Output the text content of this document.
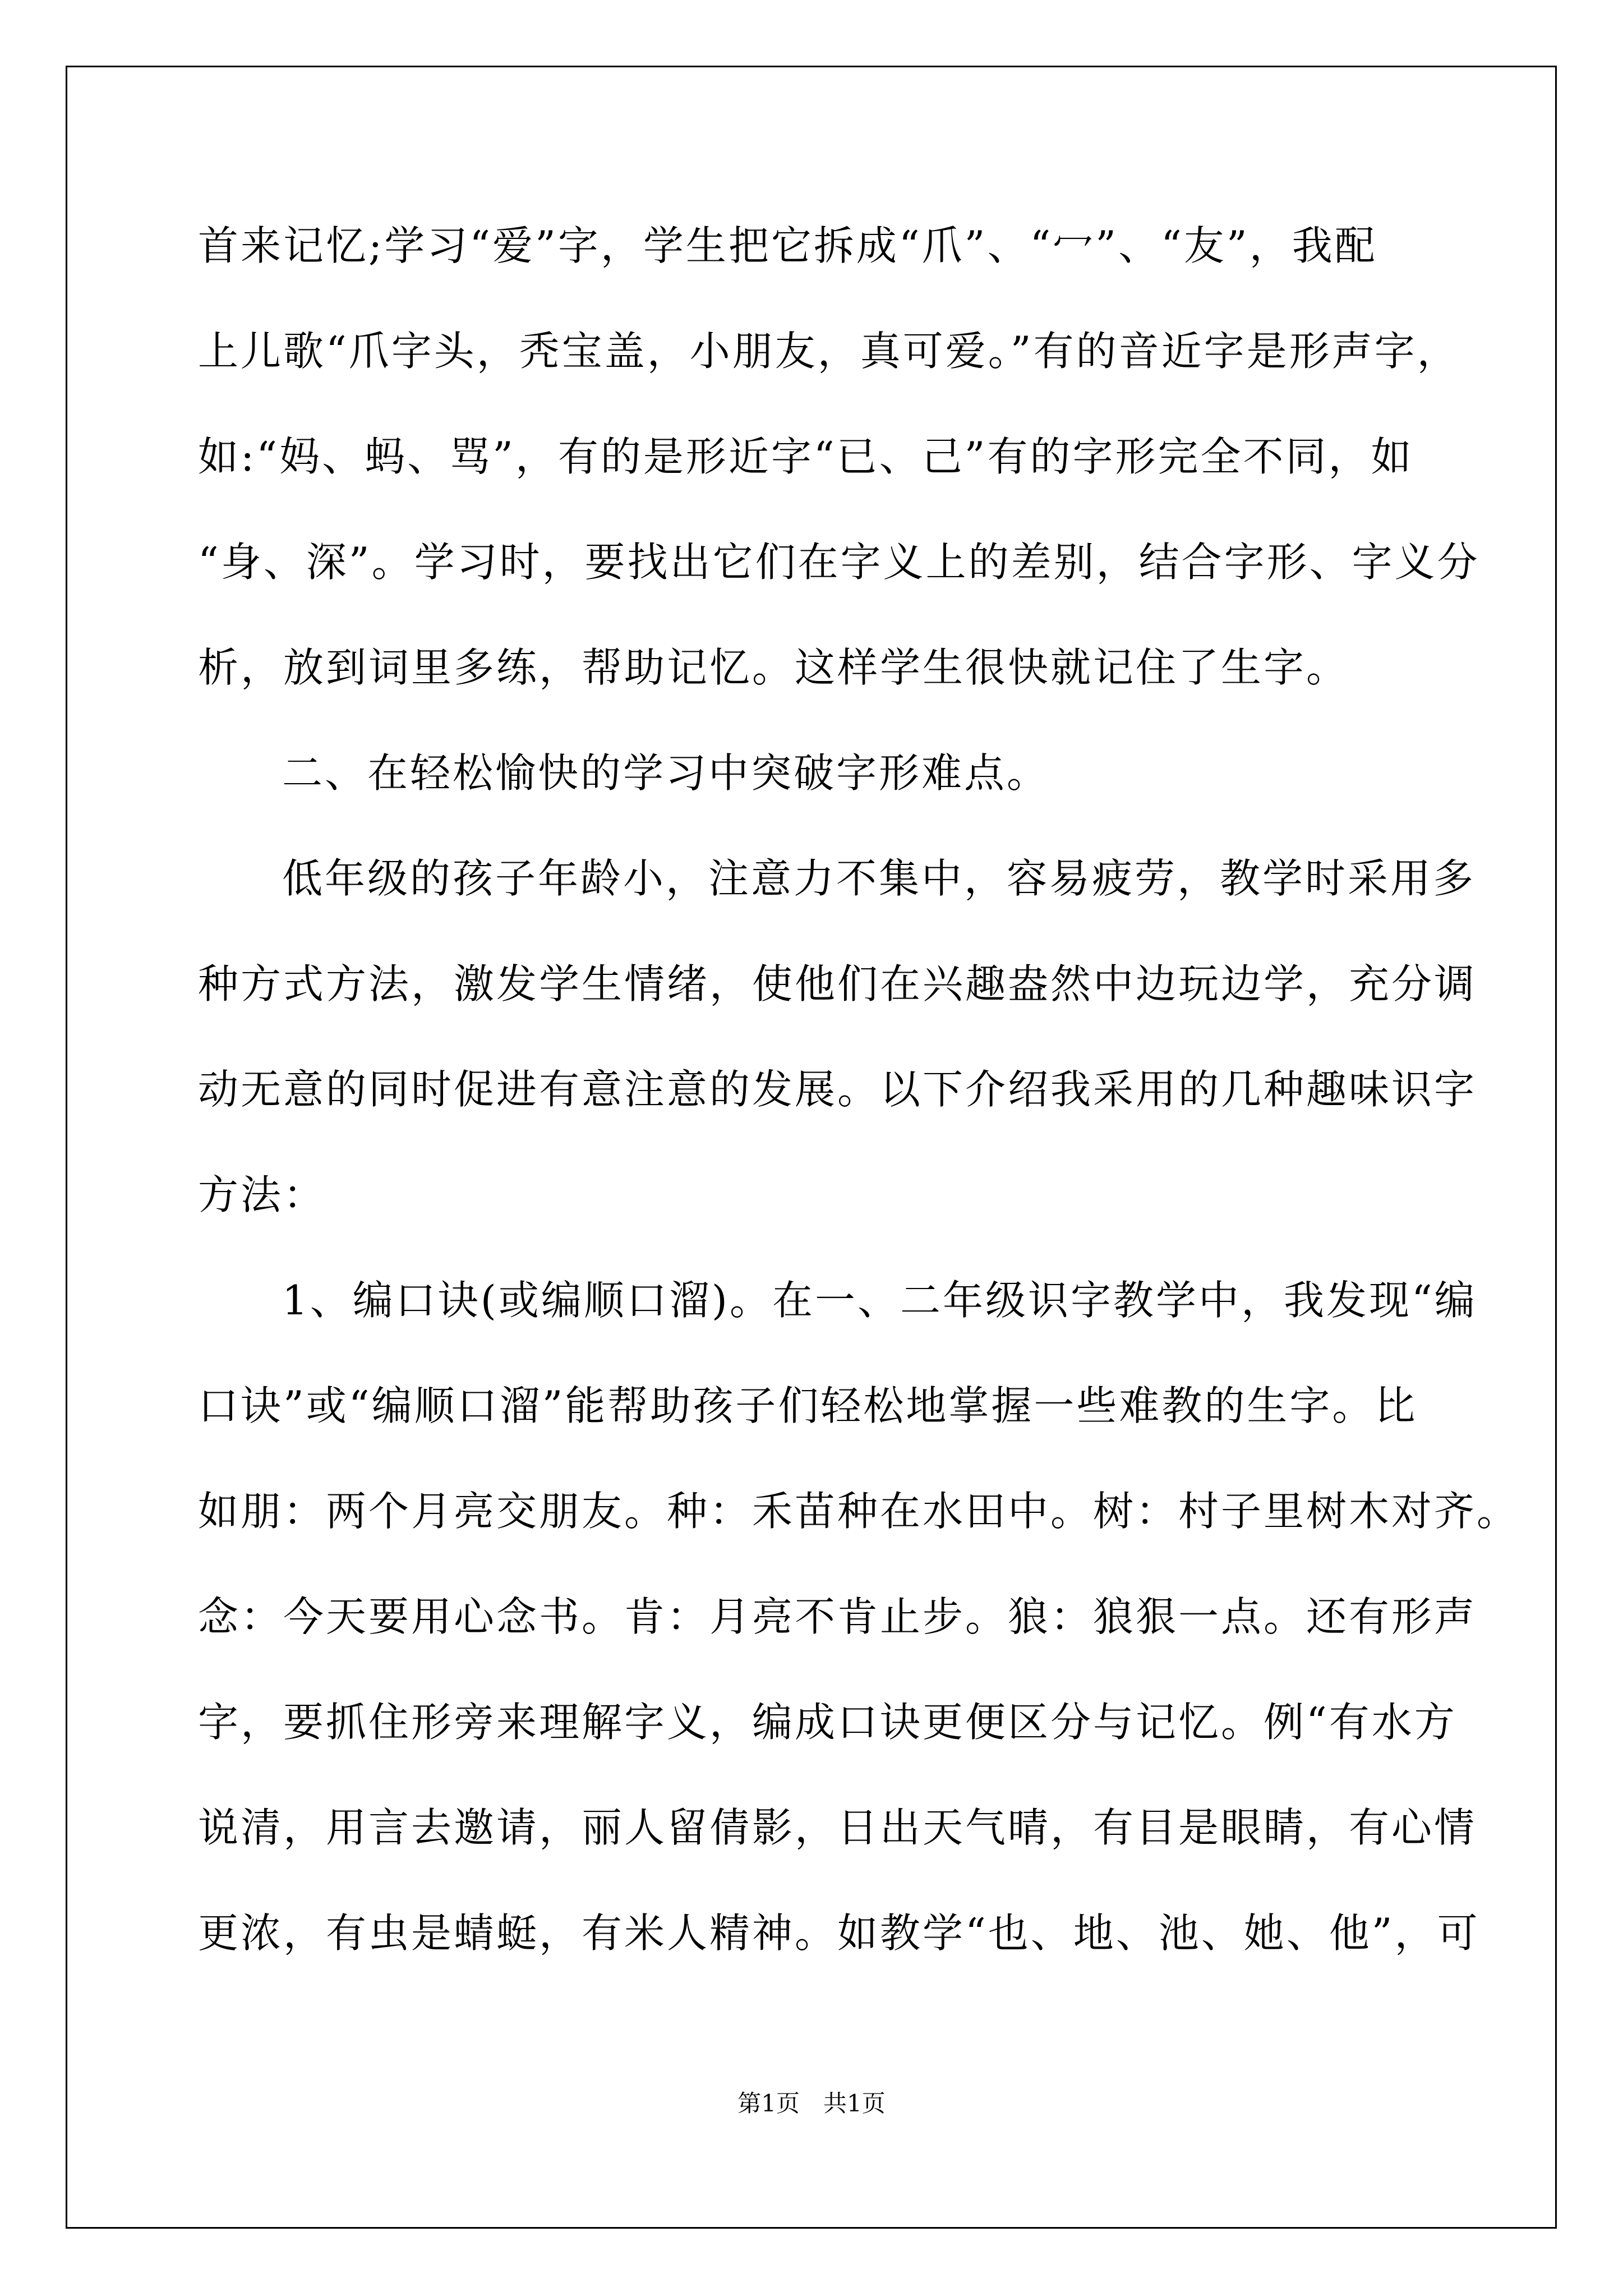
首来记忆;学习“爱”字，学生把它拆成“爪”、“冖”、“友”，我配
上儿歌“爪字头，秃宝盖，小朋友，真可爱。”有的音近字是形声字，
如:“妈、蚂、骂”，有的是形近字“已、己”有的字形完全不同，如
“身、深”。学习时，要找出它们在字义上的差别，结合字形、字义分
析，放到词里多练，帮助记忆。这样学生很快就记住了生字。
二、在轻松愉快的学习中突破字形难点。
低年级的孩子年龄小，注意力不集中，容易疲劳，教学时采用多
种方式方法，激发学生情绪，使他们在兴趣盎然中边玩边学，充分调
动无意的同时促进有意注意的发展。以下介绍我采用的几种趣味识字
方法：
1、编口诀(或编顺口溜)。在一、二年级识字教学中，我发现“编
口诀”或“编顺口溜”能帮助孩子们轻松地掌握一些难教的生字。比
如朋：两个月亮交朋友。种：禾苗种在水田中。树：村子里树木对齐。
念：今天要用心念书。肯：月亮不肯止步。狼：狼狠一点。还有形声
字，要抓住形旁来理解字义，编成口诀更便区分与记忆。例“有水方
说清，用言去邀请，丽人留倩影，日出天气晴，有目是眼睛，有心情
更浓，有虫是蜻蜓，有米人精神。如教学“也、地、池、她、他”，可
第1页　共1页
